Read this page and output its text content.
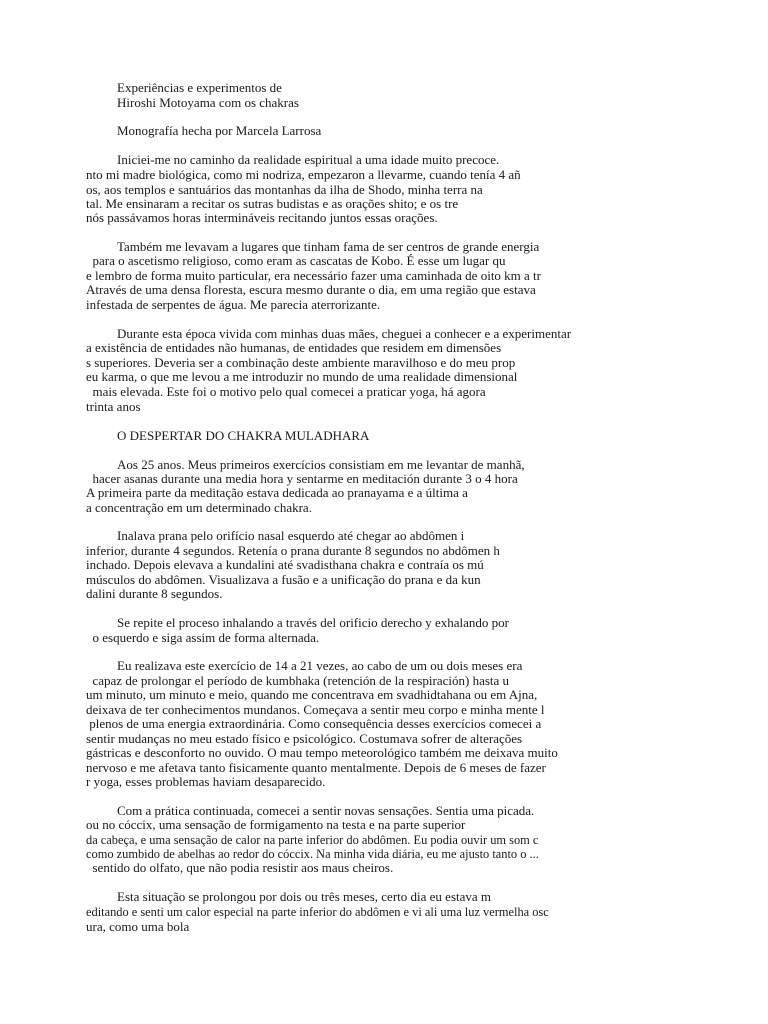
Experiências e experimentos de
Hiroshi Motoyama com os chakras
Monografía hecha por Marcela Larrosa
Iniciei-me no caminho da realidade espiritual a uma idade muito precoce.
nto mi madre biológica, como mi nodriza, empezaron a llevarme, cuando tenía 4 añ
os, aos templos e santuários das montanhas da ilha de Shodo, minha terra na
tal. Me ensinaram a recitar os sutras budistas e as orações shito; e os tre
nós passávamos horas intermináveis recitando juntos essas orações.
Também me levavam a lugares que tinham fama de ser centros de grande energia
para o ascetismo religioso, como eram as cascatas de Kobo. É esse um lugar qu
e lembro de forma muito particular, era necessário fazer uma caminhada de oito km a tr
Através de uma densa floresta, escura mesmo durante o dia, em uma região que estava
infestada de serpentes de água. Me parecia aterrorizante.
Durante esta época vivida com minhas duas mães, cheguei a conhecer e a experimentar
a existência de entidades não humanas, de entidades que residem em dimensões
s superiores. Deveria ser a combinação deste ambiente maravilhoso e do meu prop
eu karma, o que me levou a me introduzir no mundo de uma realidade dimensional
mais elevada. Este foi o motivo pelo qual comecei a praticar yoga, há agora
trinta anos
O DESPERTAR DO CHAKRA MULADHARA
Aos 25 anos. Meus primeiros exercícios consistiam em me levantar de manhã,
hacer asanas durante una media hora y sentarme en meditación durante 3 o 4 hora
A primeira parte da meditação estava dedicada ao pranayama e a última a
a concentração em um determinado chakra.
Inalava prana pelo orifício nasal esquerdo até chegar ao abdômen i
inferior, durante 4 segundos. Retenía o prana durante 8 segundos no abdômen h
inchado. Depois elevava a kundalini até svadisthana chakra e contraía os mú
músculos do abdômen. Visualizava a fusão e a unificação do prana e da kun
dalini durante 8 segundos.
Se repite el proceso inhalando a través del orificio derecho y exhalando por
o esquerdo e siga assim de forma alternada.
Eu realizava este exercício de 14 a 21 vezes, ao cabo de um ou dois meses era
capaz de prolongar el período de kumbhaka (retención de la respiración) hasta u
um minuto, um minuto e meio, quando me concentrava em svadhidtahana ou em Ajna,
deixava de ter conhecimentos mundanos. Começava a sentir meu corpo e minha mente l
plenos de uma energia extraordinária. Como consequência desses exercícios comecei a
sentir mudanças no meu estado físico e psicológico. Costumava sofrer de alterações
gástricas e desconforto no ouvido. O mau tempo meteorológico também me deixava muito
nervoso e me afetava tanto fisicamente quanto mentalmente. Depois de 6 meses de fazer
r yoga, esses problemas haviam desaparecido.
Com a prática continuada, comecei a sentir novas sensações. Sentia uma picada.
ou no cóccix, uma sensação de formigamento na testa e na parte superior
da cabeça, e uma sensação de calor na parte inferior do abdômen. Eu podia ouvir um som c
como zumbido de abelhas ao redor do cóccix. Na minha vida diária, eu me ajusto tanto o ...
sentido do olfato, que não podia resistir aos maus cheiros.
Esta situação se prolongou por dois ou três meses, certo dia eu estava m
editando e senti um calor especial na parte inferior do abdômen e vi ali uma luz vermelha osc
ura, como uma bola
